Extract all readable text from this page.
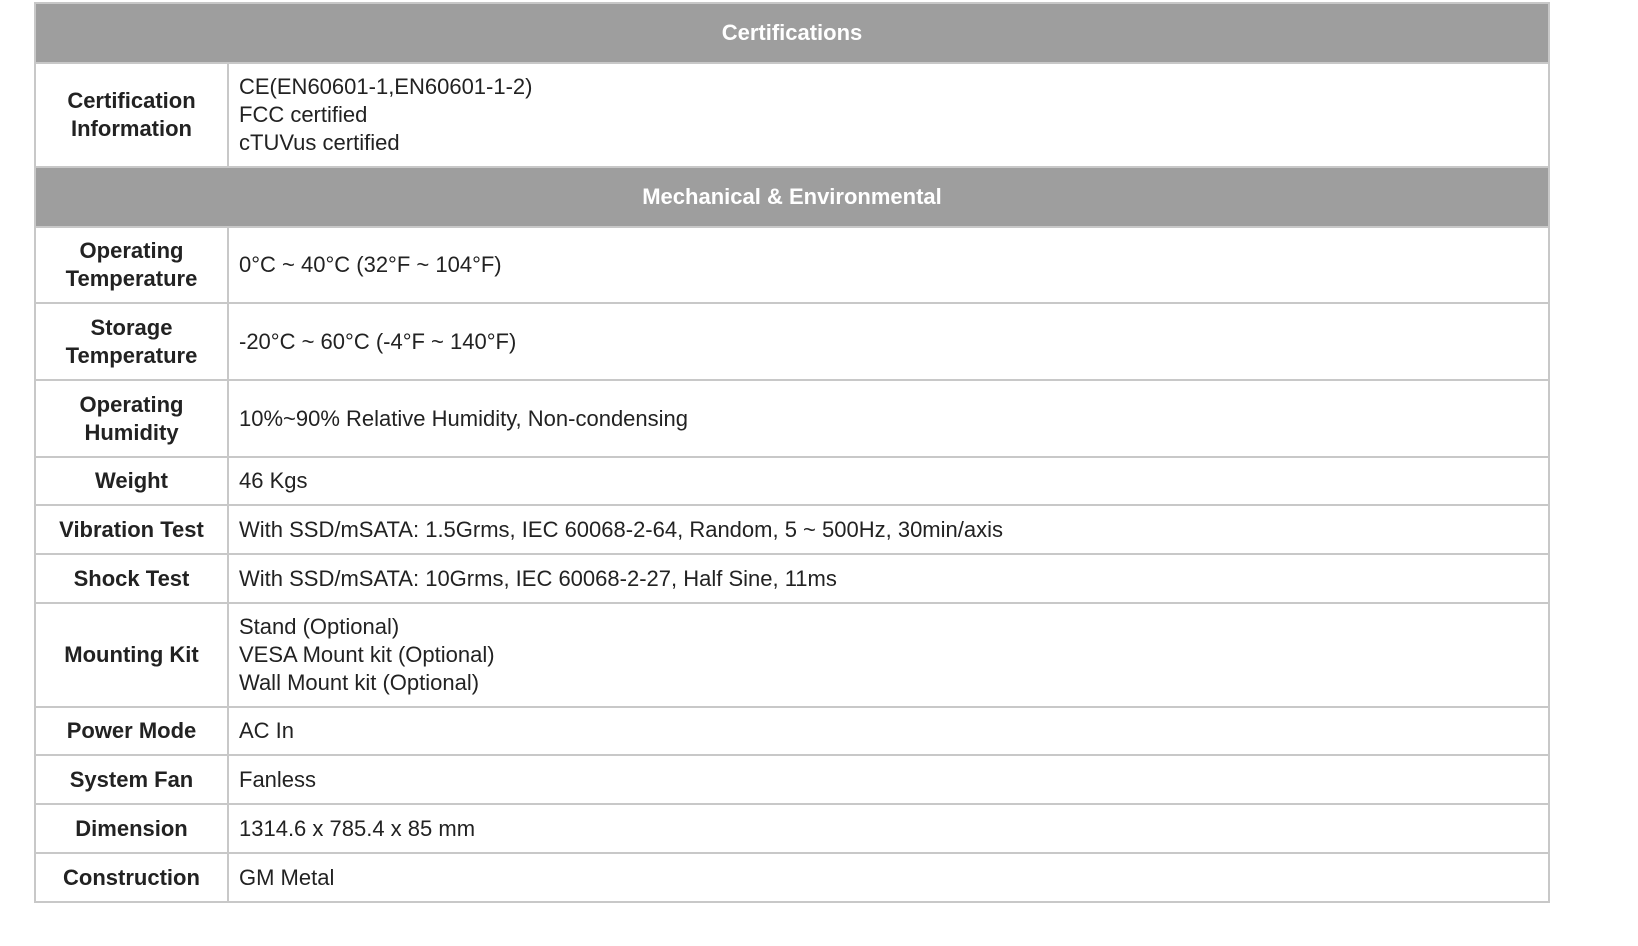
Certifications	

Certification
Information	CE(EN60601-1,EN60601-1-2)
FCC certified
cTUVus certified

Mechanical & Environmental	

Operating
Temperature	0°C ~ 40°C (32°F ~ 104°F)

Storage
Temperature	-20°C ~ 60°C (-4°F ~ 140°F)

Operating
Humidity	10%~90% Relative Humidity, Non-condensing

Weight	46 Kgs

Vibration Test	With SSD/mSATA: 1.5Grms, IEC 60068-2-64, Random, 5 ~ 500Hz, 30min/axis

Shock Test	With SSD/mSATA: 10Grms, IEC 60068-2-27, Half Sine, 11ms

Mounting Kit	Stand (Optional)
VESA Mount kit (Optional)
Wall Mount kit (Optional)

Power Mode	AC In

System Fan	Fanless

Dimension	1314.6 x 785.4 x 85 mm

Construction	GM Metal
